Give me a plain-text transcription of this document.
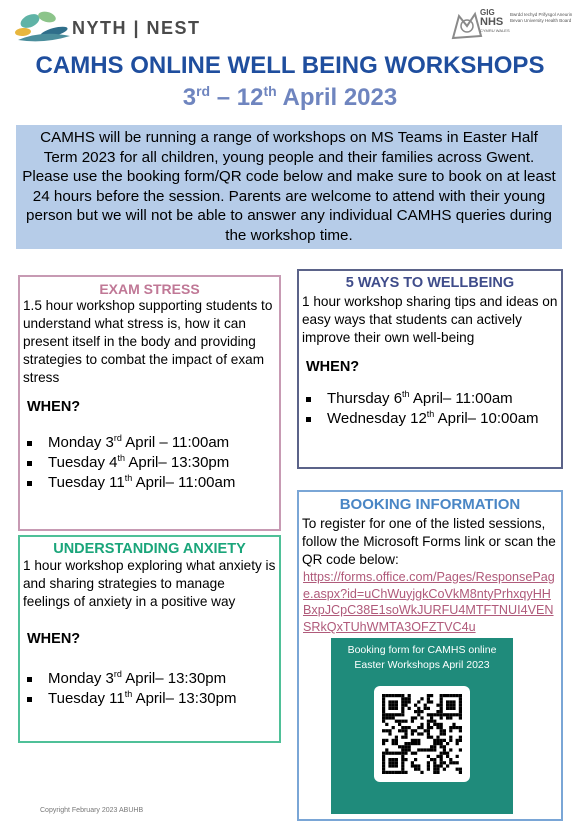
NYTH | NEST
GIG
NHS
CYMRU WALES
Bwrdd Iechyd Prifysgol Aneurin Bevan University Health Board
CAMHS ONLINE WELL BEING WORKSHOPS
3rd – 12th April 2023
CAMHS will be running a range of workshops on MS Teams in Easter Half Term 2023 for all children, young people and their families across Gwent. Please use the booking form/QR code below and make sure to book on at least 24 hours before the session. Parents are welcome to attend with their young person but we will not be able to answer any individual CAMHS queries during the workshop time.
EXAM STRESS
1.5 hour workshop supporting students to understand what stress is, how it can present itself in the body and providing strategies to combat the impact of exam stress
WHEN?
Monday 3rd April – 11:00am
Tuesday 4th April– 13:30pm
Tuesday 11th April– 11:00am
5 WAYS TO WELLBEING
1 hour workshop sharing tips and ideas on easy ways that students can actively improve their own well-being
WHEN?
Thursday 6th April– 11:00am
Wednesday 12th April– 10:00am
UNDERSTANDING ANXIETY
1 hour workshop exploring what anxiety is and sharing strategies to manage    feelings of anxiety in a positive way
WHEN?
Monday 3rd April– 13:30pm
Tuesday 11th April– 13:30pm
BOOKING INFORMATION
To register for one of the listed sessions, follow the Microsoft Forms link or scan the QR code below:
https://forms.office.com/Pages/ResponsePage.aspx?id=uChWuyjgkCoVkM8ntyPrhxqyHHBxpJCpC38E1soWkJURFU4MTFTNUI4VENSRkQxTUhWMTA3OFZTVC4u
Booking form for CAMHS online
Easter Workshops April 2023
Copyright February 2023 ABUHB
